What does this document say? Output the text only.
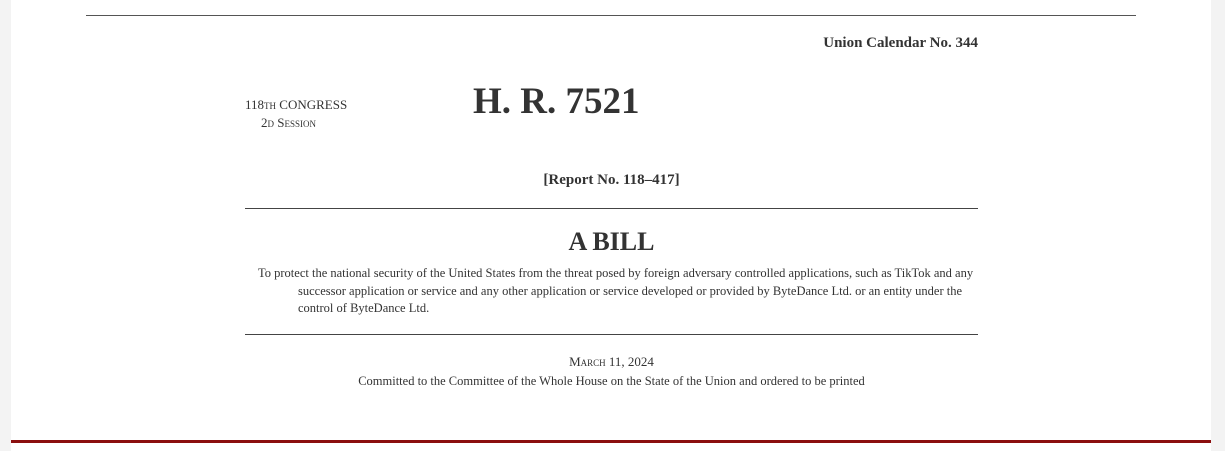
Union Calendar No. 344
118th CONGRESS
2d Session
H. R. 7521
[Report No. 118–417]
A BILL
To protect the national security of the United States from the threat posed by foreign adversary controlled applications, such as TikTok and any successor application or service and any other application or service developed or provided by ByteDance Ltd. or an entity under the control of ByteDance Ltd.
March 11, 2024
Committed to the Committee of the Whole House on the State of the Union and ordered to be printed
